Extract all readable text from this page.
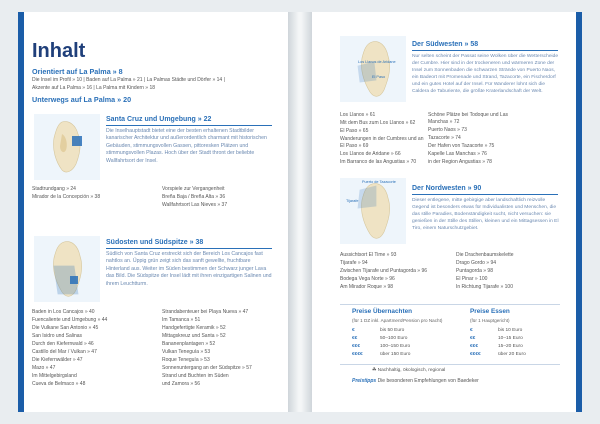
Inhalt
Orientiert auf La Palma » 8
Die Insel im Profil » 10 | Baden auf La Palma » 21 | La Palmas Städte und Dörfer » 14 |
Akzente auf La Palma » 16 | La Palma mit Kindern » 18
Unterwegs auf La Palma » 20
Santa Cruz und Umgebung » 22
Die Inselhauptstadt bietet eine der besten erhaltenen Stadtbilder kanarischer Architektur und außerordentlich charmant mit historischen Gebäuden, stimmungsvollen Gassen, pittoresken Plätzen und stimmungsvollen Plazas. Hoch über der Stadt thront der beliebte Wallfahrtsort der Insel.
Stadtrundgang » 24
Mirador de la Concepción » 38
Vorspiele zur Vergangenheit
Breña Baja / Breña Alta » 36
Wallfahrtsort Las Nieves » 37
Südosten und Südspitze » 38
Südlich von Santa Cruz erstreckt sich der Bereich Los Cancajos fast nahtlos an. Üppig grün zeigt sich das sanft gewellte, fruchtbare Hinterland aus. Weiter im Süden bestimmen der Schwarz junger Lava das Bild. Die Südspitze der Insel lädt mit ihren einzigartigen Salinen und ihrem Leuchtturm.
Baden in Los Cancajos » 40
Fuencaliente und Umgebung » 44
Die Vulkane San Antonio » 45
San Isidro und Salinas
Durch den Kiefernwald » 46
Castillo del Mar / Vulkan » 47
Die Kiefernwälder » 47
Mazo » 47
Im Mittelgebirgsland
Cueva de Belmaco » 48
Strandabenteuer bei Playa Nueva » 47
Im Tamanca » 51
Handgefertigte Keramik » 52
Mittagskreuz und Santa » 52
Bananenplantagen » 52
Vulkan Teneguía » 53
Roque Teneguía » 53
Sonnenuntergang an der Südspitze » 57
Strand und Buchten im Süden
und Zamora » 56
Los Llanos de Aridane
El Paso
Der Südwesten » 58
Nur selten scheint der Passat seine Wolken über die Wetterscheide der Cumbre. Hier sind in der trockeneren und wärmeren Zone der Insel zum Sonnenbaden die schwarzen Strände von Puerto Naos, ein Badeort mit Promenade und Strand, Tazacorte, ein Fischerdorf und ein gutes Hotel auf der Insel. Für Wanderer lohnt sich die Caldera de Taburiente, die größte Kraterlandschaft der Welt.
Los Llanos » 61
Mit dem Bus zum Los Llanos » 62
El Paso » 65
Wanderungen in der Cumbres und an El Paso » 69
Los Llanos de Aridane » 66
Im Barranco de las Angustias » 70
Schöne Plätze bei Todoque und Las Manchas » 72
Puerto Naos » 73
Tazacorte » 74
Der Hafen von Tazacorte » 75
Kapelle Las Manchas » 76
in der Region Angustias » 78
Puerto de Tazacorte
Tijarafe
Der Nordwesten » 90
Dieser entlegene, mitte gebirgige aber landschaftlich reizvolle Gegend ist besonders etwas für Individualisten und Menschen, die das stille Paradies, Bodenständigkeit sucht, nicht versuchen: sie genießen in der Stille des Stillen, kleinen und ein Mittagsessen in El Tiro, einem Naturschutzgebiet.
Aussichtsort El Time » 93
Tijarafe » 94
Zwischen Tijarafe und Puntagorda » 96
Bodega Vega Norte » 96
Am Mirador Roque » 98
Die Drachenbaumskelette
Drago Gordo » 94
Puntagorda » 98
El Pinar » 100
In Richtung Tijarafe » 100
Preise Übernachten
(für 1 DZ inkl. Apartment/Pension pro Nacht)
Preise Essen
(für 1 Hauptgericht)
€	bis 50 Euro
€€	50–100 Euro
€€€	100–150 Euro
€€€€	über 150 Euro
€	bis 10 Euro
€€	10–15 Euro
€€€	15–20 Euro
€€€€	über 20 Euro
☘ Nachhaltig, ökologisch, regional
Preistipps Die besonderen Empfehlungen von Baedeker
